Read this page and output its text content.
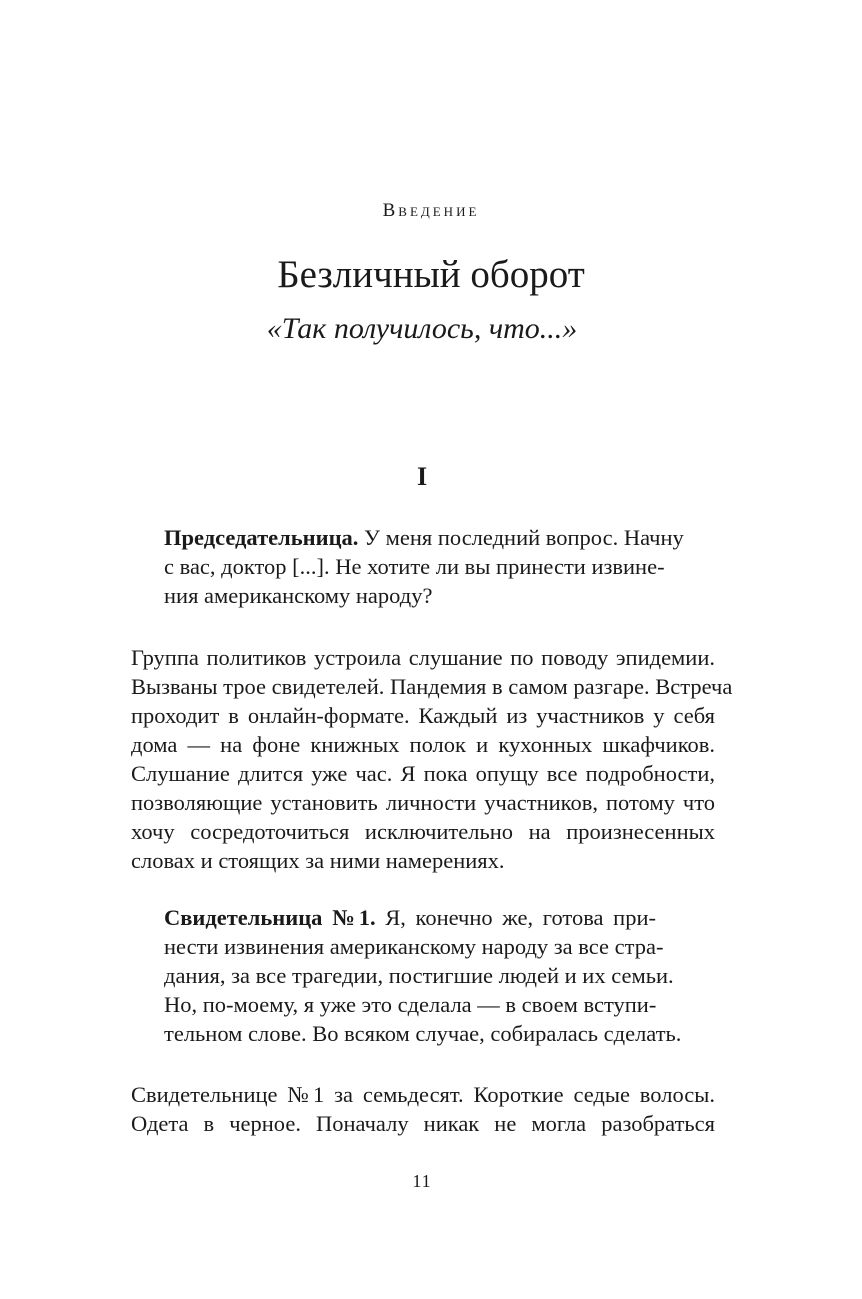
Введение
Безличный оборот
«Так получилось, что...»
I
Председательница. У меня последний вопрос. Начну
с вас, доктор [...]. Не хотите ли вы принести извине-
ния американскому народу?
Группа политиков устроила слушание по поводу эпидемии.
Вызваны трое свидетелей. Пандемия в самом разгаре. Встреча
проходит в онлайн-формате. Каждый из участников у себя
дома — на фоне книжных полок и кухонных шкафчиков.
Слушание длится уже час. Я пока опущу все подробности,
позволяющие установить личности участников, потому что
хочу сосредоточиться исключительно на произнесенных
словах и стоящих за ними намерениях.
Свидетельница №1. Я, конечно же, готова при-
нести извинения американскому народу за все стра-
дания, за все трагедии, постигшие людей и их семьи.
Но, по-моему, я уже это сделала — в своем вступи-
тельном слове. Во всяком случае, собиралась сделать.
Свидетельнице №1 за семьдесят. Короткие седые волосы.
Одета в черное. Поначалу никак не могла разобраться
11
